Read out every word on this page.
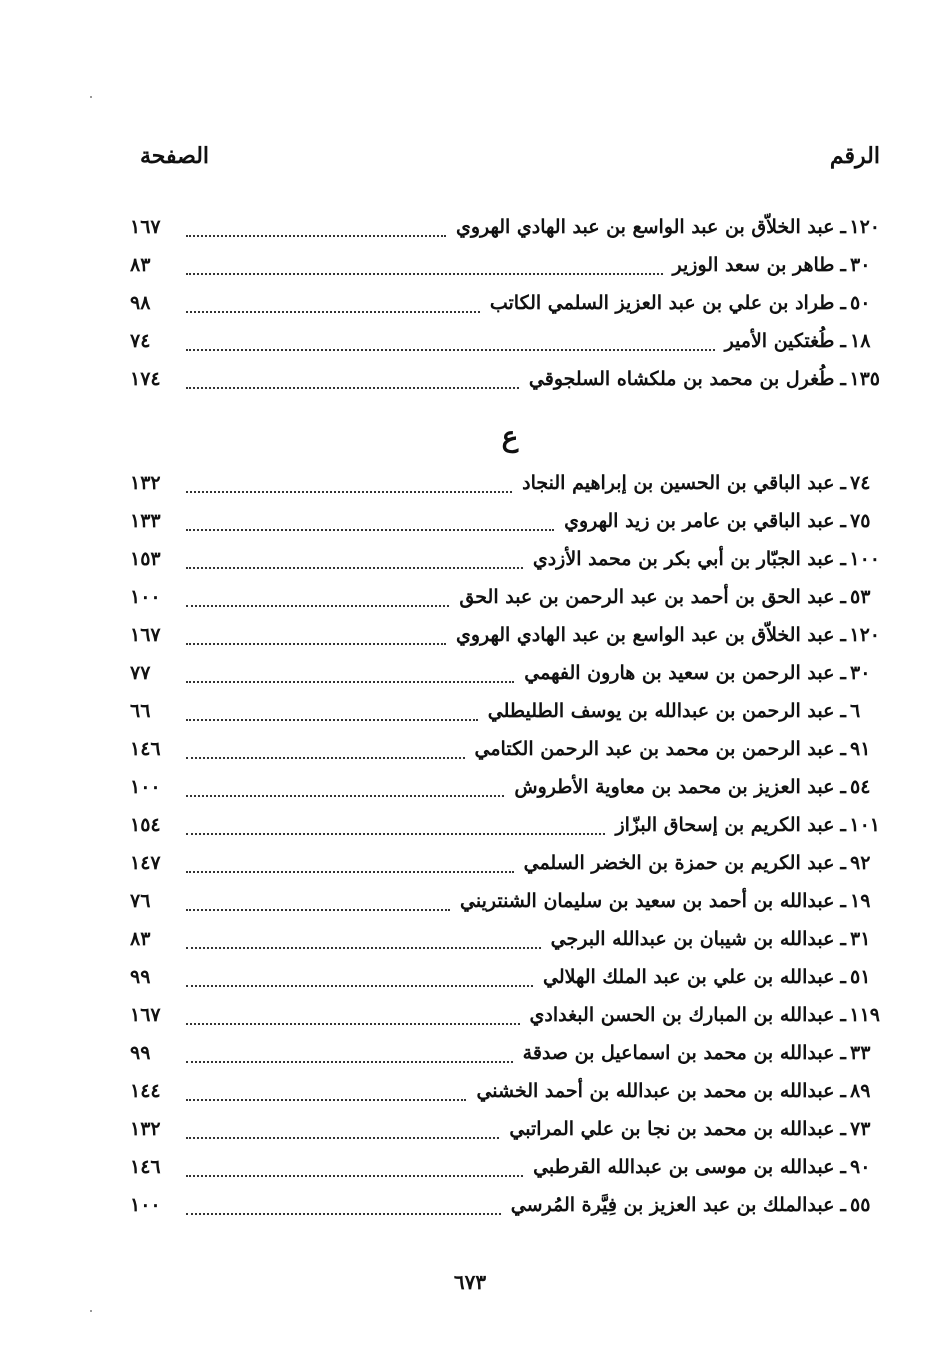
الرقم
الصفحة
١٢٠
ـ
عبد الخلاّق بن عبد الواسع بن عبد الهادي الهروي
١٦٧
٣٠
ـ
طاهر بن سعد الوزير
٨٣
٥٠
ـ
طراد بن علي بن عبد العزيز السلمي الكاتب
٩٨
١٨
ـ
طُغتكين الأمير
٧٤
١٣٥
ـ
طُغرل بن محمد بن ملكشاه السلجوقي
١٧٤
ع
٧٤
ـ
عبد الباقي بن الحسين بن إبراهيم النجاد
١٣٢
٧٥
ـ
عبد الباقي بن عامر بن زيد الهروي
١٣٣
١٠٠
ـ
عبد الجبّار بن أبي بكر بن محمد الأزدي
١٥٣
٥٣
ـ
عبد الحق بن أحمد بن عبد الرحمن بن عبد الحق
١٠٠
١٢٠
ـ
عبد الخلاّق بن عبد الواسع بن عبد الهادي الهروي
١٦٧
٣٠
ـ
عبد الرحمن بن سعيد بن هارون الفهمي
٧٧
٦
ـ
عبد الرحمن بن عبدالله بن يوسف الطليطلي
٦٦
٩١
ـ
عبد الرحمن بن محمد بن عبد الرحمن الكتامي
١٤٦
٥٤
ـ
عبد العزيز بن محمد بن معاوية الأطروش
١٠٠
١٠١
ـ
عبد الكريم بن إسحاق البزّاز
١٥٤
٩٢
ـ
عبد الكريم بن حمزة بن الخضر السلمي
١٤٧
١٩
ـ
عبدالله بن أحمد بن سعيد بن سليمان الشنتريني
٧٦
٣١
ـ
عبدالله بن شيبان بن عبدالله البرجي
٨٣
٥١
ـ
عبدالله بن علي بن عبد الملك الهلالي
٩٩
١١٩
ـ
عبدالله بن المبارك بن الحسن البغدادي
١٦٧
٣٣
ـ
عبدالله بن محمد بن اسماعيل بن صدقة
٩٩
٨٩
ـ
عبدالله بن محمد بن عبدالله بن أحمد الخشني
١٤٤
٧٣
ـ
عبدالله بن محمد بن نجا بن علي المراتبي
١٣٢
٩٠
ـ
عبدالله بن موسى بن عبدالله القرطبي
١٤٦
٥٥
ـ
عبدالملك بن عبد العزيز بن فِيَّرة المُرسي
١٠٠
٦٧٣
